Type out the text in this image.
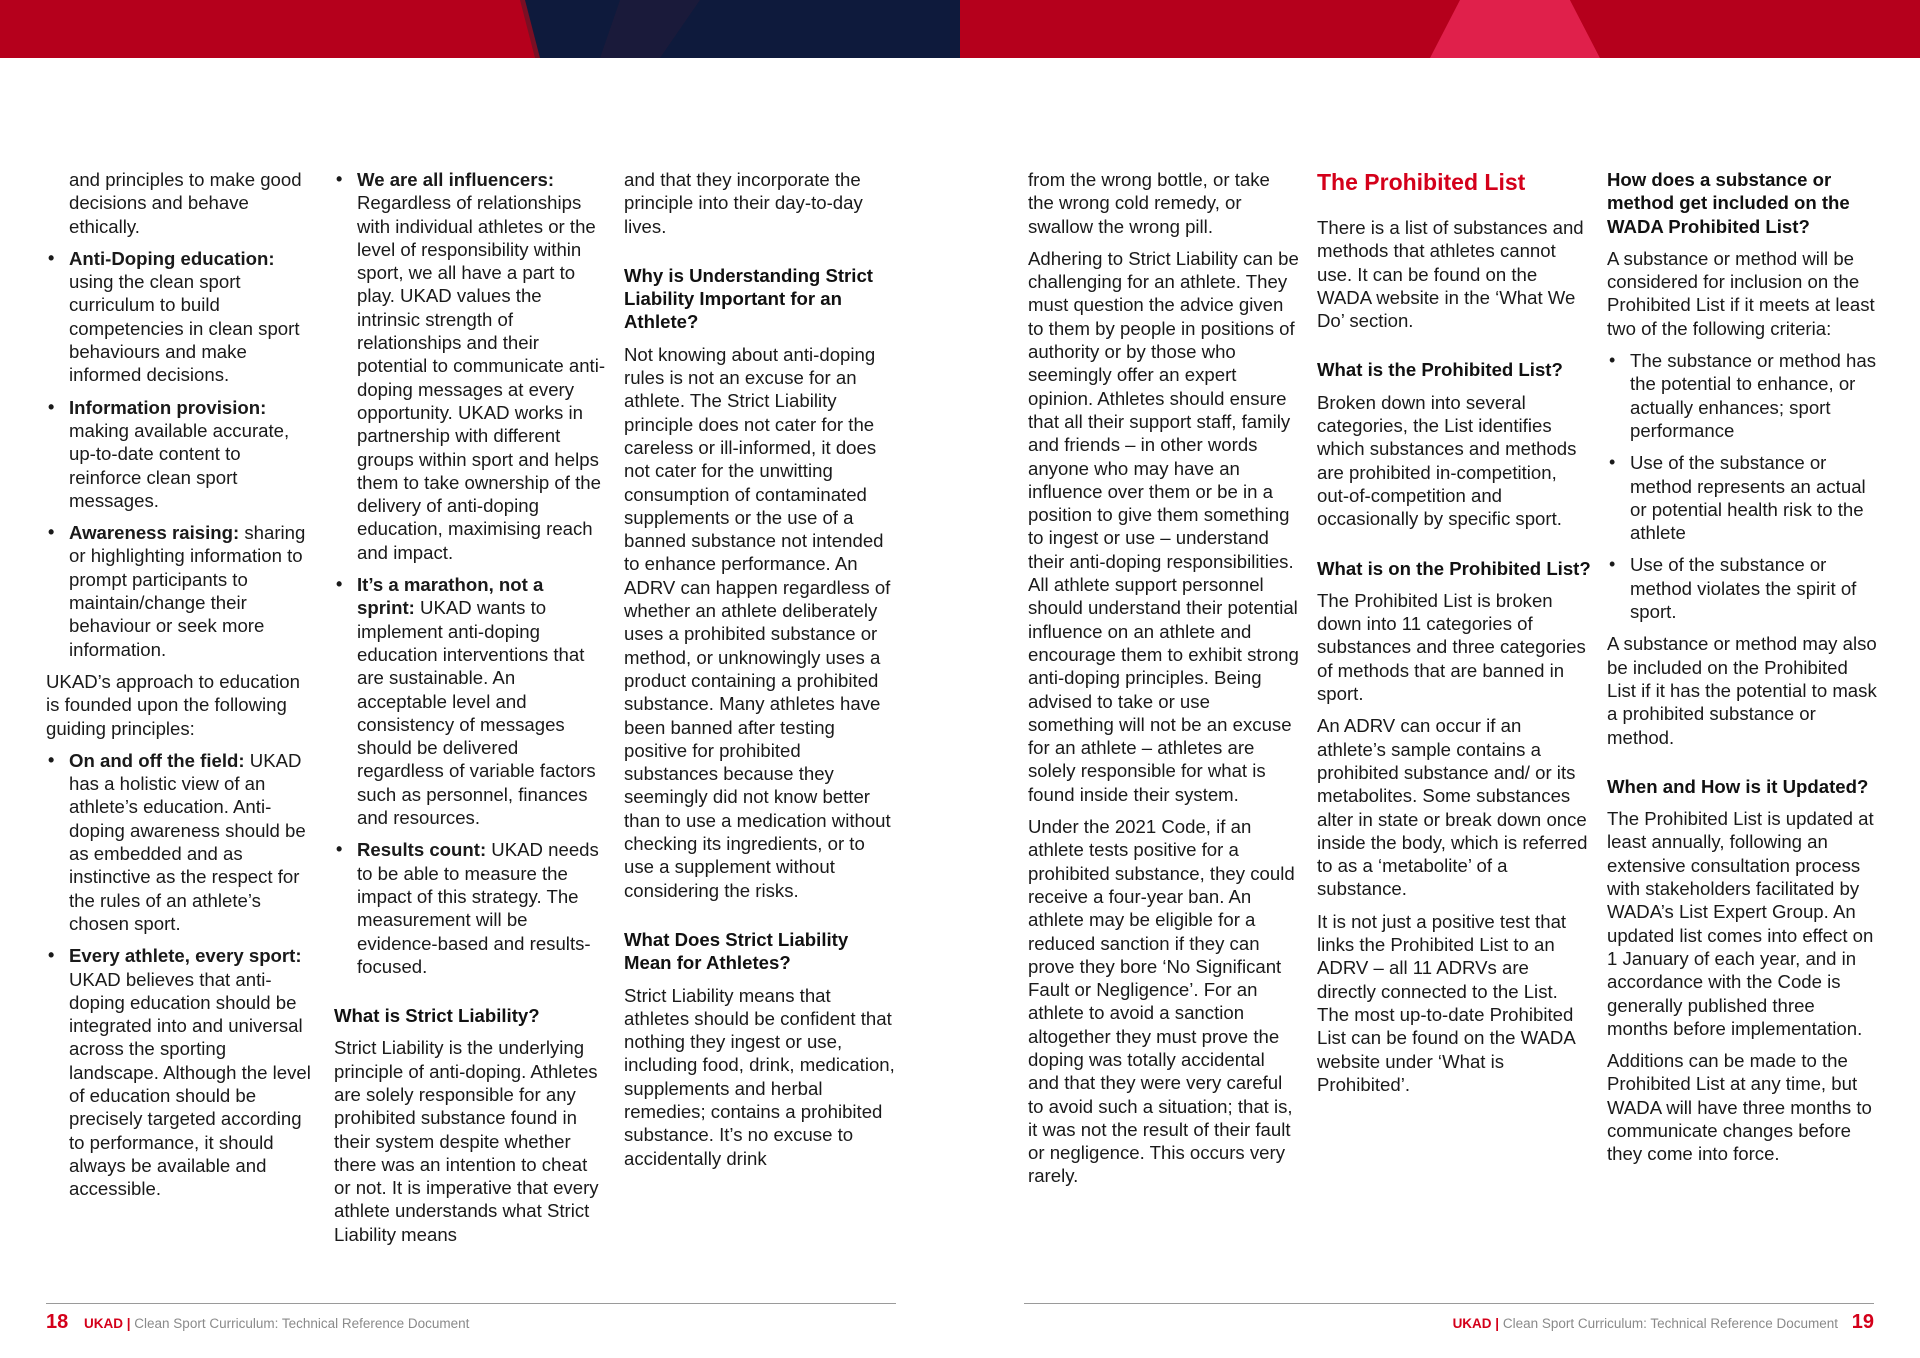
and principles to make good decisions and behave ethically.

• Anti-Doping education: using the clean sport curriculum to build competencies in clean sport behaviours and make informed decisions.
• Information provision: making available accurate, up-to-date content to reinforce clean sport messages.
• Awareness raising: sharing or highlighting information to prompt participants to maintain/change their behaviour or seek more information.

UKAD’s approach to education is founded upon the following guiding principles:

• On and off the field: UKAD has a holistic view of an athlete’s education. Anti-doping awareness should be as embedded and as instinctive as the respect for the rules of an athlete’s chosen sport.
• Every athlete, every sport: UKAD believes that anti-doping education should be integrated into and universal across the sporting landscape. Although the level of education should be precisely targeted according to performance, it should always be available and accessible.
• We are all influencers: Regardless of relationships with individual athletes or the level of responsibility within sport, we all have a part to play. UKAD values the intrinsic strength of relationships and their potential to communicate anti-doping messages at every opportunity. UKAD works in partnership with different groups within sport and helps them to take ownership of the delivery of anti-doping education, maximising reach and impact.
• It’s a marathon, not a sprint: UKAD wants to implement anti-doping education interventions that are sustainable. An acceptable level and consistency of messages should be delivered regardless of variable factors such as personnel, finances and resources.
• Results count: UKAD needs to be able to measure the impact of this strategy. The measurement will be evidence-based and results-focused.
What is Strict Liability?

Strict Liability is the underlying principle of anti-doping. Athletes are solely responsible for any prohibited substance found in their system despite whether there was an intention to cheat or not. It is imperative that every athlete understands what Strict Liability means

and that they incorporate the principle into their day-to-day lives.

Why is Understanding Strict Liability Important for an Athlete?

Not knowing about anti-doping rules is not an excuse for an athlete. The Strict Liability principle does not cater for the careless or ill-informed, it does not cater for the unwitting consumption of contaminated supplements or the use of a banned substance not intended to enhance performance. An ADRV can happen regardless of whether an athlete deliberately uses a prohibited substance or method, or unknowingly uses a product containing a prohibited substance. Many athletes have been banned after testing positive for prohibited substances because they seemingly did not know better than to use a medication without checking its ingredients, or to use a supplement without considering the risks.

What Does Strict Liability Mean for Athletes?

Strict Liability means that athletes should be confident that nothing they ingest or use, including food, drink, medication, supplements and herbal remedies; contains a prohibited substance. It’s no excuse to accidentally drink

from the wrong bottle, or take the wrong cold remedy, or swallow the wrong pill.

Adhering to Strict Liability can be challenging for an athlete. They must question the advice given to them by people in positions of authority or by those who seemingly offer an expert opinion. Athletes should ensure that all their support staff, family and friends – in other words anyone who may have an influence over them or be in a position to give them something to ingest or use – understand their anti-doping responsibilities. All athlete support personnel should understand their potential influence on an athlete and encourage them to exhibit strong anti-doping principles. Being advised to take or use something will not be an excuse for an athlete – athletes are solely responsible for what is found inside their system.

Under the 2021 Code, if an athlete tests positive for a prohibited substance, they could receive a four-year ban. An athlete may be eligible for a reduced sanction if they can prove they bore ‘No Significant Fault or Negligence’. For an athlete to avoid a sanction altogether they must prove the doping was totally accidental and that they were very careful to avoid such a situation; that is, it was not the result of their fault or negligence. This occurs very rarely.

The Prohibited List

There is a list of substances and methods that athletes cannot use. It can be found on the WADA website in the ‘What We Do’ section.

What is the Prohibited List?

Broken down into several categories, the List identifies which substances and methods are prohibited in-competition, out-of-competition and occasionally by specific sport.

What is on the Prohibited List?

The Prohibited List is broken down into 11 categories of substances and three categories of methods that are banned in sport.

An ADRV can occur if an athlete’s sample contains a prohibited substance and/ or its metabolites. Some substances alter in state or break down once inside the body, which is referred to as a ‘metabolite’ of a substance.

It is not just a positive test that links the Prohibited List to an ADRV – all 11 ADRVs are directly connected to the List. The most up-to-date Prohibited List can be found on the WADA website under ‘What is Prohibited’.

How does a substance or method get included on the WADA Prohibited List?

A substance or method will be considered for inclusion on the Prohibited List if it meets at least two of the following criteria:

• The substance or method has the potential to enhance, or actually enhances; sport performance
• Use of the substance or method represents an actual or potential health risk to the athlete
• Use of the substance or method violates the spirit of sport.

A substance or method may also be included on the Prohibited List if it has the potential to mask a prohibited substance or method.

When and How is it Updated?

The Prohibited List is updated at least annually, following an extensive consultation process with stakeholders facilitated by WADA’s List Expert Group. An updated list comes into effect on 1 January of each year, and in accordance with the Code is generally published three months before implementation.

Additions can be made to the Prohibited List at any time, but WADA will have three months to communicate changes before they come into force.

18 UKAD | Clean Sport Curriculum: Technical Reference Document	UKAD | Clean Sport Curriculum: Technical Reference Document 19
